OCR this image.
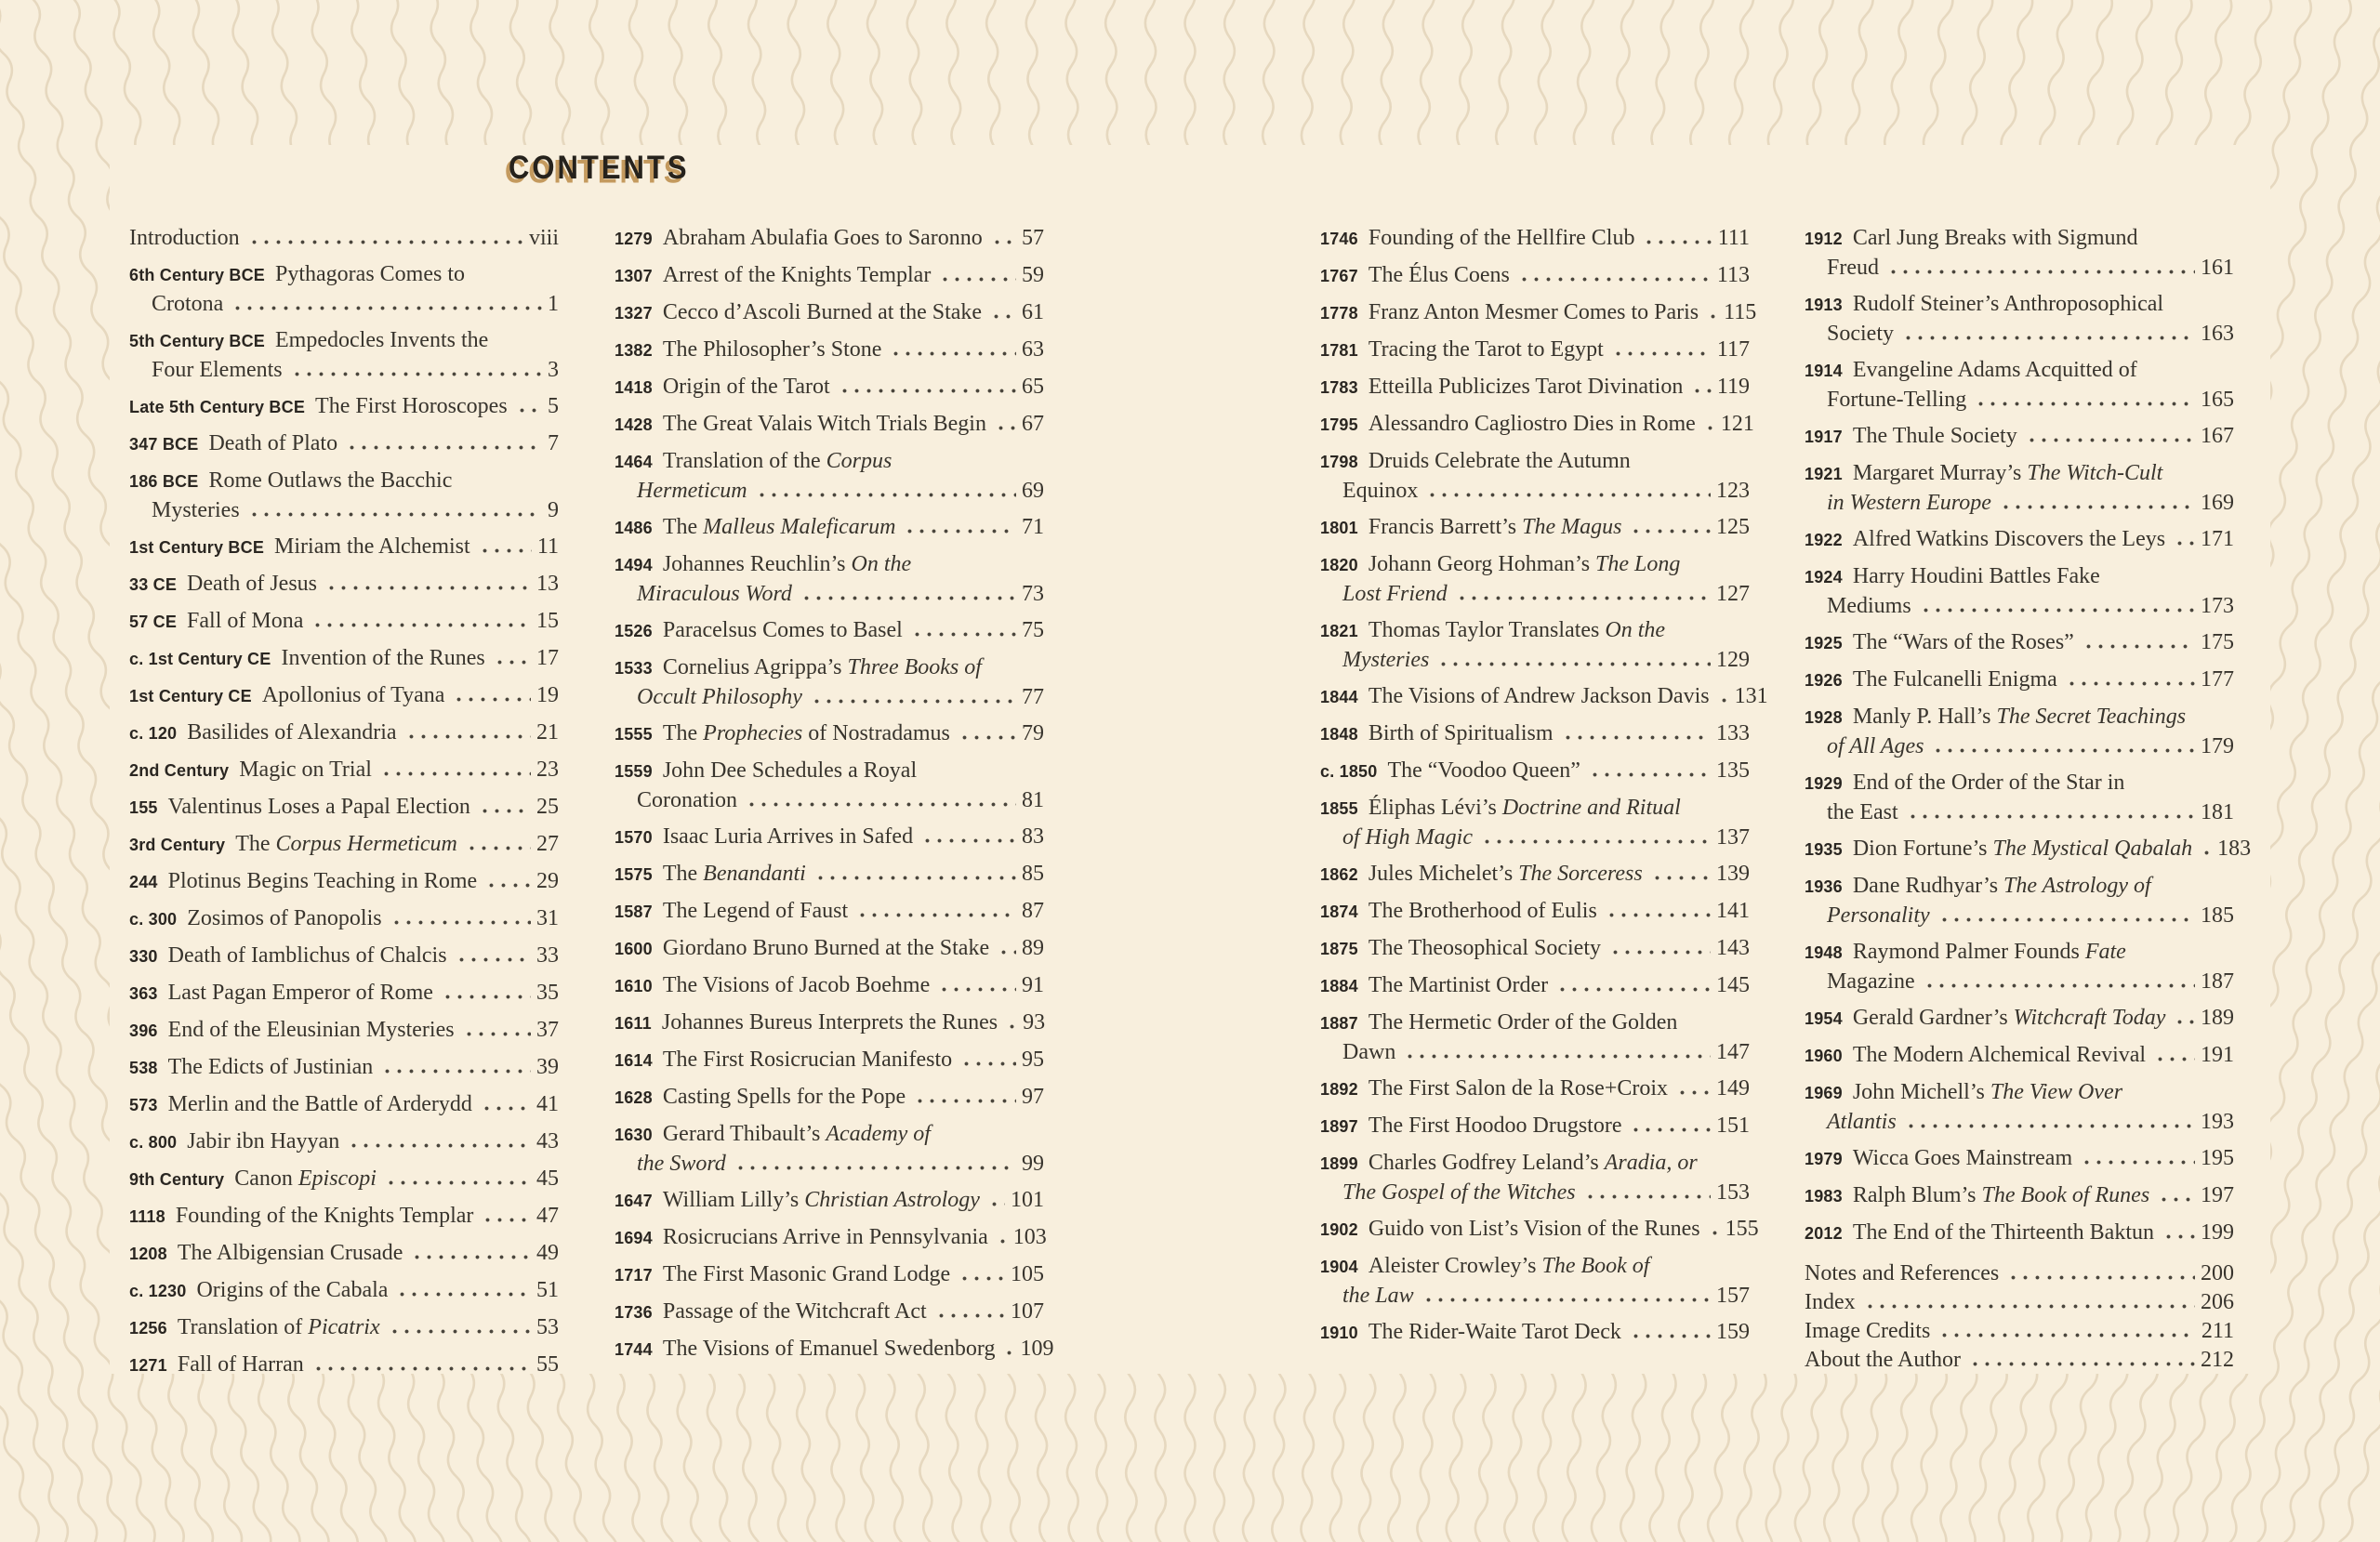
CONTENTS
Introduction	viii
6th Century BCE Pythagoras Comes to
Crotona	1
5th Century BCE Empedocles Invents the
Four Elements	3
Late 5th Century BCE The First Horoscopes 5
347 BCE Death of Plato	7
186 BCE Rome Outlaws the Bacchic
Mysteries	9
1st Century BCE Miriam the Alchemist	11
33 CE Death of Jesus	13
57 CE Fall of Mona	15
c. 1st Century CE Invention of the Runes 17
1st Century CE Apollonius of Tyana	19
c. 120 Basilides of Alexandria	21
2nd Century Magic on Trial	23
155 Valentinus Loses a Papal Election	25
3rd Century The Corpus Hermeticum	27
244 Plotinus Begins Teaching in Rome	29
c. 300 Zosimos of Panopolis	31
330 Death of Iamblichus of Chalcis	33
363 Last Pagan Emperor of Rome	35
396 End of the Eleusinian Mysteries	37
538 The Edicts of Justinian	39
573 Merlin and the Battle of Arderydd	41
c. 800 Jabir ibn Hayyan	43
9th Century Canon Episcopi	45
1118 Founding of the Knights Templar	47
1208 The Albigensian Crusade	49
c. 1230 Origins of the Cabala	51
1256 Translation of Picatrix	53
1271 Fall of Harran	55
1279 Abraham Abulafia Goes to Saronno 57
1307 Arrest of the Knights Templar	59
1327 Cecco d’Ascoli Burned at the Stake 61
1382 The Philosopher’s Stone	63
1418 Origin of the Tarot	65
1428 The Great Valais Witch Trials Begin 67
1464 Translation of the Corpus
Hermeticum	69
1486 The Malleus Maleficarum	71
1494 Johannes Reuchlin’s On the
Miraculous Word	73
1526 Paracelsus Comes to Basel	75
1533 Cornelius Agrippa’s Three Books of
Occult Philosophy	77
1555 The Prophecies of Nostradamus	79
1559 John Dee Schedules a Royal
Coronation	81
1570 Isaac Luria Arrives in Safed	83
1575 The Benandanti	85
1587 The Legend of Faust	87
1600 Giordano Bruno Burned at the Stake 89
1610 The Visions of Jacob Boehme	91
1611 Johannes Bureus Interprets the Runes 93
1614 The First Rosicrucian Manifesto	95
1628 Casting Spells for the Pope	97
1630 Gerard Thibault’s Academy of
the Sword	99
1647 William Lilly’s Christian Astrology 101
1694 Rosicrucians Arrive in Pennsylvania 103
1717 The First Masonic Grand Lodge	105
1736 Passage of the Witchcraft Act	107
1744 The Visions of Emanuel Swedenborg 109
1746 Founding of the Hellfire Club	111
1767 The Élus Coens	113
1778 Franz Anton Mesmer Comes to Paris 115
1781 Tracing the Tarot to Egypt	117
1783 Etteilla Publicizes Tarot Divination 119
1795 Alessandro Cagliostro Dies in Rome 121
1798 Druids Celebrate the Autumn
Equinox	123
1801 Francis Barrett’s The Magus	125
1820 Johann Georg Hohman’s The Long
Lost Friend	127
1821 Thomas Taylor Translates On the
Mysteries	129
1844 The Visions of Andrew Jackson Davis 131
1848 Birth of Spiritualism	133
c. 1850 The “Voodoo Queen”	135
1855 Éliphas Lévi’s Doctrine and Ritual
of High Magic	137
1862 Jules Michelet’s The Sorceress	139
1874 The Brotherhood of Eulis	141
1875 The Theosophical Society	143
1884 The Martinist Order	145
1887 The Hermetic Order of the Golden
Dawn	147
1892 The First Salon de la Rose+Croix 149
1897 The First Hoodoo Drugstore	151
1899 Charles Godfrey Leland’s Aradia, or
The Gospel of the Witches	153
1902 Guido von List’s Vision of the Runes 155
1904 Aleister Crowley’s The Book of
the Law	157
1910 The Rider-Waite Tarot Deck	159
1912 Carl Jung Breaks with Sigmund
Freud	161
1913 Rudolf Steiner’s Anthroposophical
Society	163
1914 Evangeline Adams Acquitted of
Fortune-Telling	165
1917 The Thule Society	167
1921 Margaret Murray’s The Witch-Cult
in Western Europe	169
1922 Alfred Watkins Discovers the Leys 171
1924 Harry Houdini Battles Fake
Mediums	173
1925 The “Wars of the Roses”	175
1926 The Fulcanelli Enigma	177
1928 Manly P. Hall’s The Secret Teachings
of All Ages	179
1929 End of the Order of the Star in
the East	181
1935 Dion Fortune’s The Mystical Qabalah 183
1936 Dane Rudhyar’s The Astrology of
Personality	185
1948 Raymond Palmer Founds Fate
Magazine	187
1954 Gerald Gardner’s Witchcraft Today 189
1960 The Modern Alchemical Revival 191
1969 John Michell’s The View Over
Atlantis	193
1979 Wicca Goes Mainstream	195
1983 Ralph Blum’s The Book of Runes 197
2012 The End of the Thirteenth Baktun 199
Notes and References	200
Index	206
Image Credits	211
About the Author	212
